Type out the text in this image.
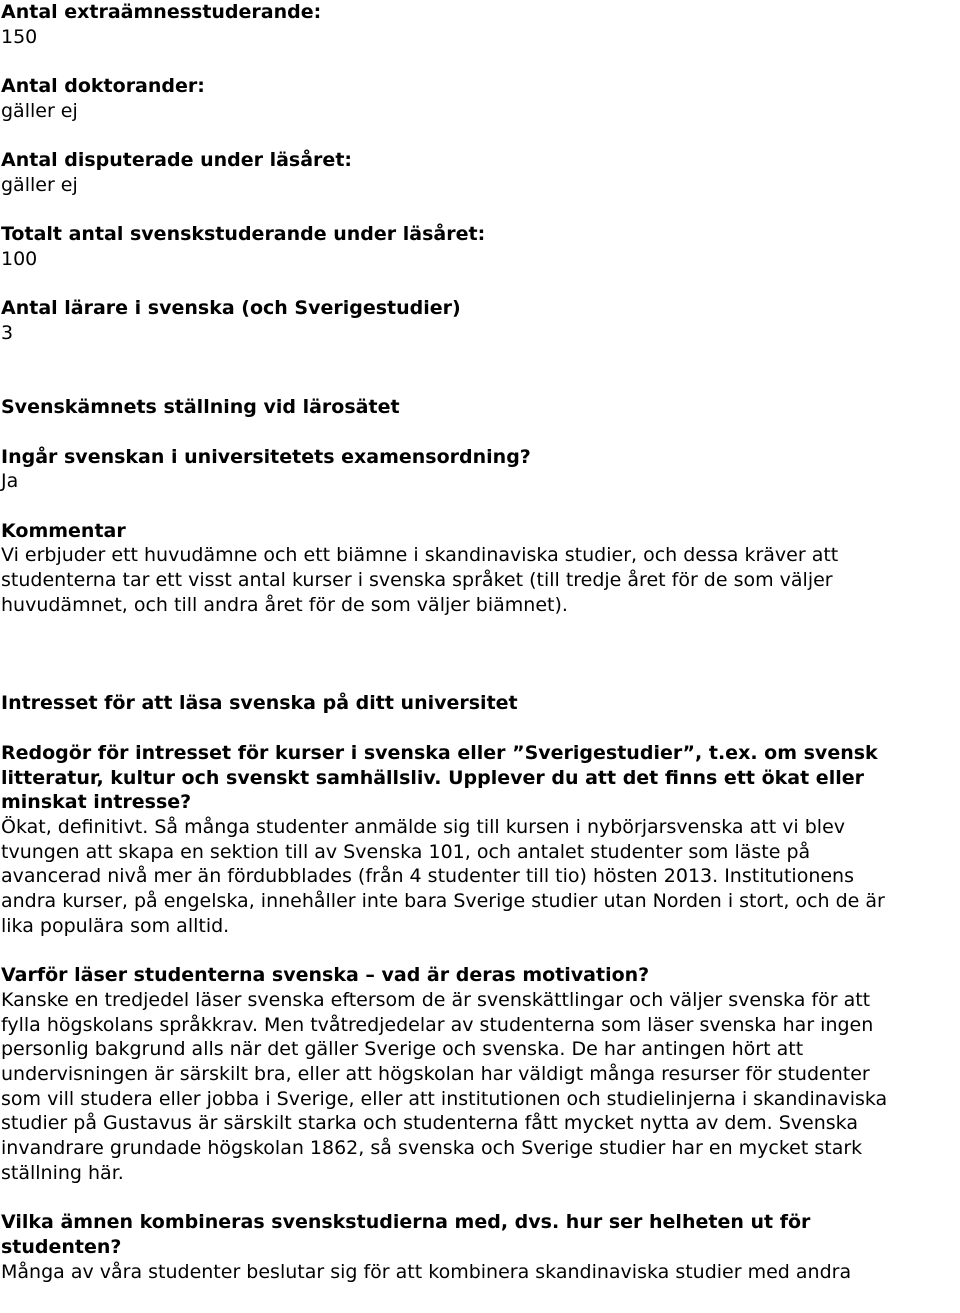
Antal extraämnesstuderande:
150
Antal doktorander:
gäller ej
Antal disputerade under läsåret:
gäller ej
Totalt antal svenskstuderande under läsåret:
100
Antal lärare i svenska (och Sverigestudier)
3
Svenskämnets ställning vid lärosätet
Ingår svenskan i universitetets examensordning?
Ja
Kommentar
Vi erbjuder ett huvudämne och ett biämne i skandinaviska studier, och dessa kräver att
studenterna tar ett visst antal kurser i svenska språket (till tredje året för de som väljer
huvudämnet, och till andra året för de som väljer biämnet).
Intresset för att läsa svenska på ditt universitet
Redogör för intresset för kurser i svenska eller ”Sverigestudier”, t.ex. om svensk
litteratur, kultur och svenskt samhällsliv. Upplever du att det finns ett ökat eller
minskat intresse?
Ökat, definitivt. Så många studenter anmälde sig till kursen i nybörjarsvenska att vi blev
tvungen att skapa en sektion till av Svenska 101, och antalet studenter som läste på
avancerad nivå mer än fördubblades (från 4 studenter till tio) hösten 2013. Institutionens
andra kurser, på engelska, innehåller inte bara Sverige studier utan Norden i stort, och de är
lika populära som alltid.
Varför läser studenterna svenska – vad är deras motivation?
Kanske en tredjedel läser svenska eftersom de är svenskättlingar och väljer svenska för att
fylla högskolans språkkrav. Men tvåtredjedelar av studenterna som läser svenska har ingen
personlig bakgrund alls när det gäller Sverige och svenska. De har antingen hört att
undervisningen är särskilt bra, eller att högskolan har väldigt många resurser för studenter
som vill studera eller jobba i Sverige, eller att institutionen och studielinjerna i skandinaviska
studier på Gustavus är särskilt starka och studenterna fått mycket nytta av dem. Svenska
invandrare grundade högskolan 1862, så svenska och Sverige studier har en mycket stark
ställning här.
Vilka ämnen kombineras svenskstudierna med, dvs. hur ser helheten ut för
studenten?
Många av våra studenter beslutar sig för att kombinera skandinaviska studier med andra
